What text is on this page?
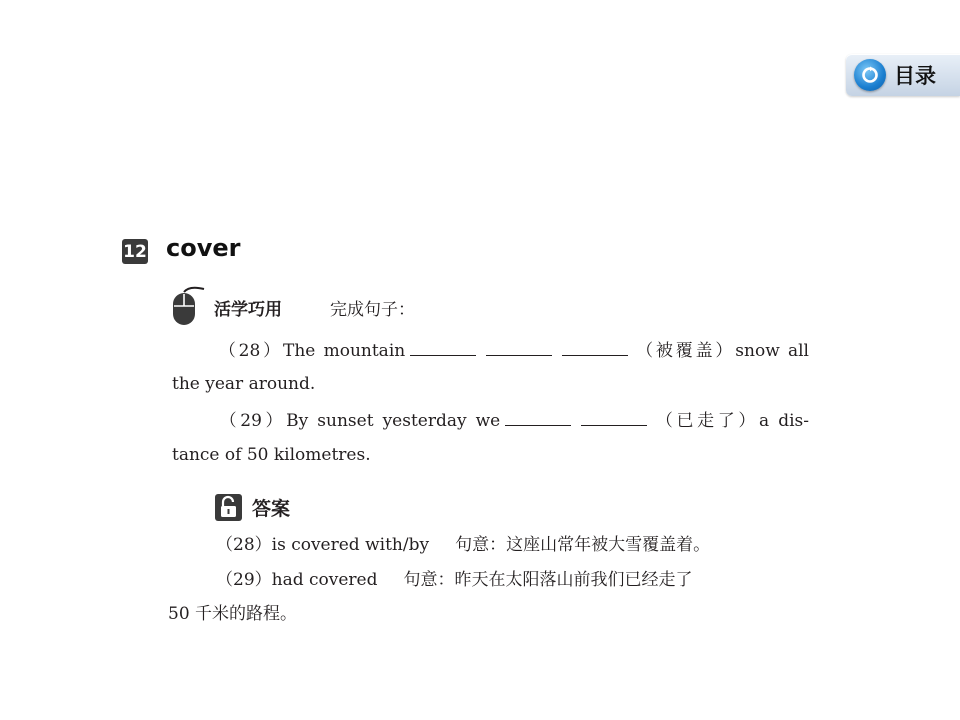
目录
12 cover
活学巧用	完成句子：
（28）The mountain	（被覆盖）snow all
the year around.
（29）By sunset yesterday we	（已走了）a dis-
tance of 50 kilometres.
答案
（28）is covered with/by 句意：这座山常年被大雪覆盖着。
（29）had covered 句意：昨天在太阳落山前我们已经走了
50 千米的路程。
